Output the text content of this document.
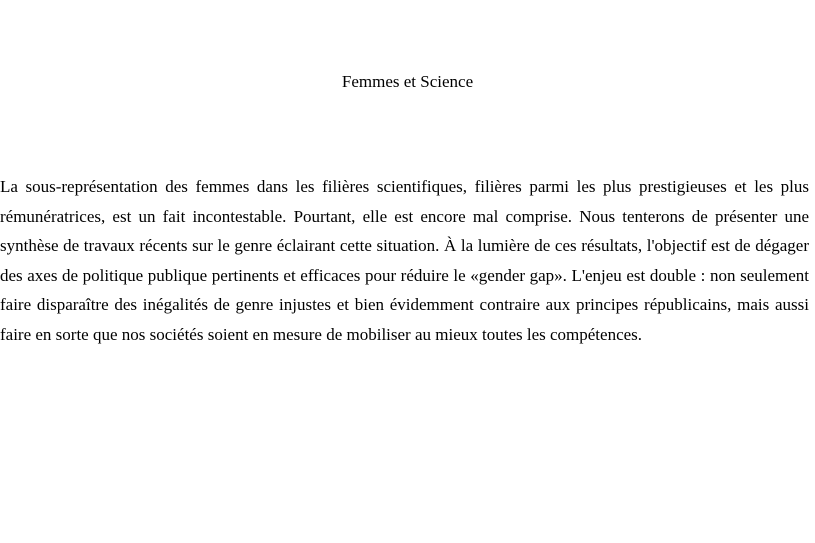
Femmes et Science

La sous-représentation des femmes dans les filières scientifiques, filières parmi les plus prestigieuses et les plus rémunératrices, est un fait incontestable. Pourtant, elle est encore mal comprise. Nous tenterons de présenter une synthèse de travaux récents sur le genre éclairant cette situation. À la lumière de ces résultats, l'objectif est de dégager des axes de politique publique pertinents et efficaces pour réduire le «gender gap». L'enjeu est double : non seulement faire disparaître des inégalités de genre injustes et bien évidemment contraire aux principes républicains, mais aussi faire en sorte que nos sociétés soient en mesure de mobiliser au mieux toutes les compétences.
